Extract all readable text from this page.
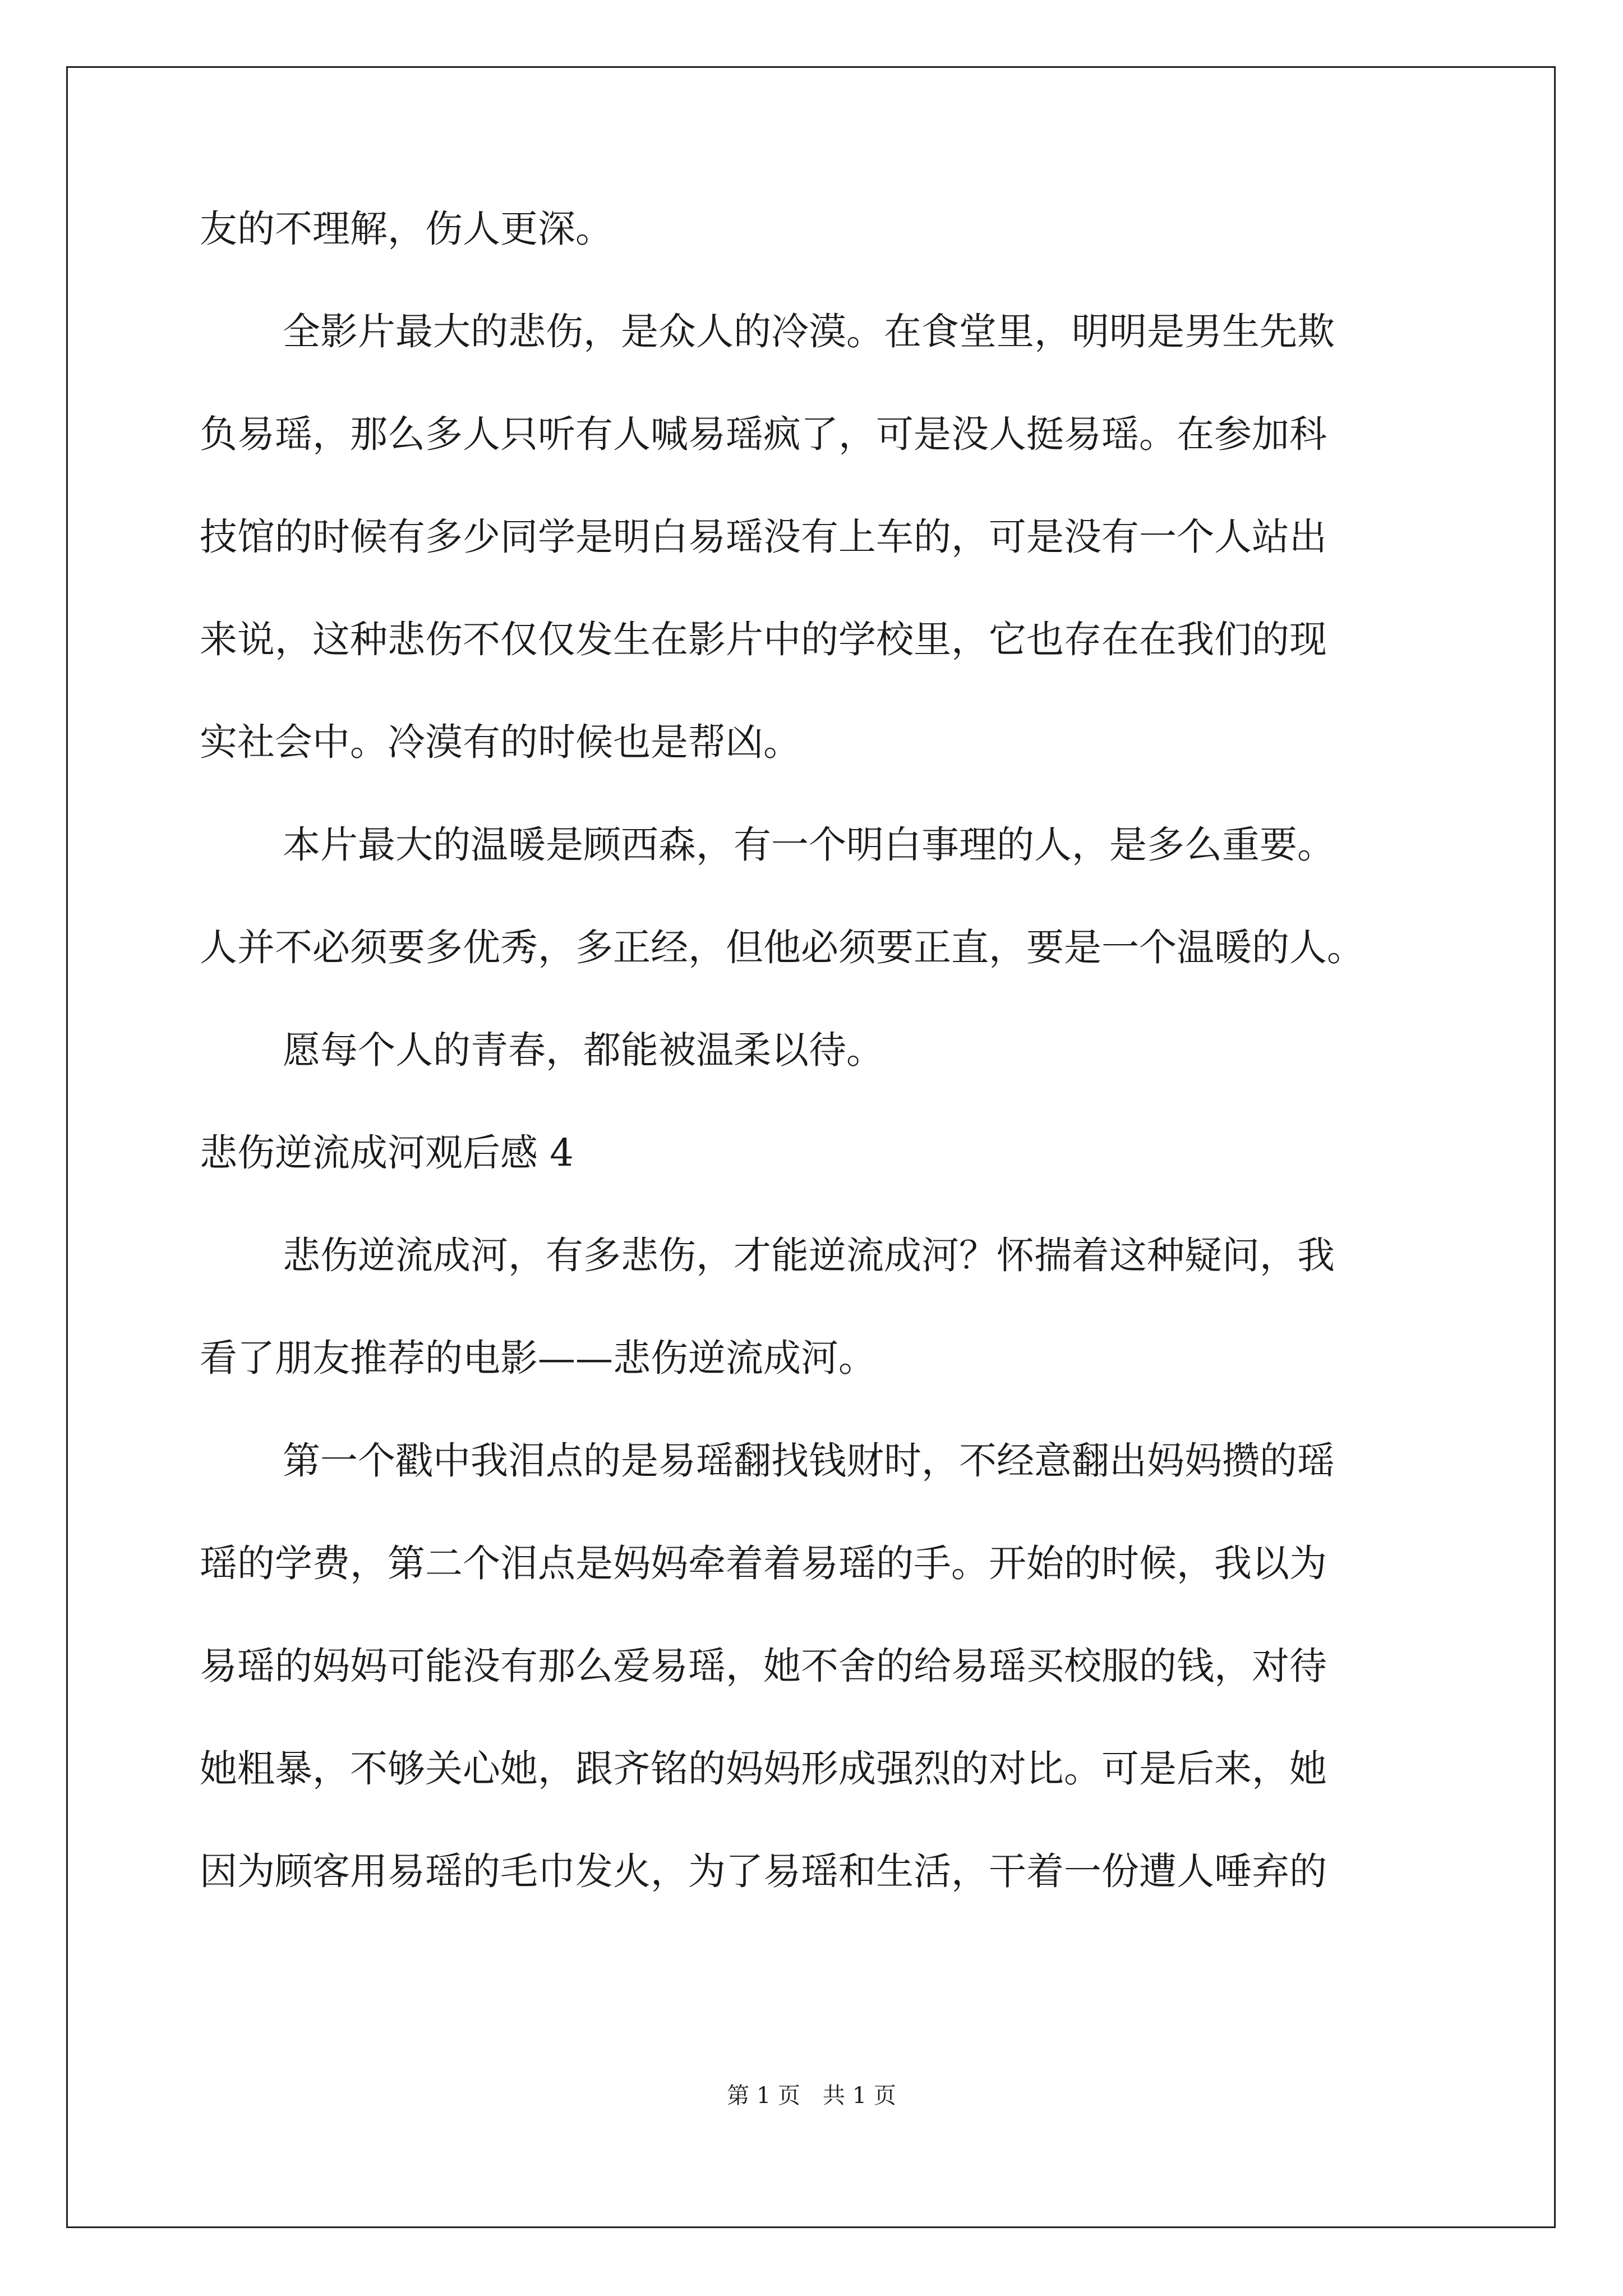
友的不理解，伤人更深。
全影片最大的悲伤，是众人的冷漠。在食堂里，明明是男生先欺
负易瑶，那么多人只听有人喊易瑶疯了，可是没人挺易瑶。在参加科
技馆的时候有多少同学是明白易瑶没有上车的，可是没有一个人站出
来说，这种悲伤不仅仅发生在影片中的学校里，它也存在在我们的现
实社会中。冷漠有的时候也是帮凶。
本片最大的温暖是顾西森，有一个明白事理的人，是多么重要。
人并不必须要多优秀，多正经，但他必须要正直，要是一个温暖的人。
愿每个人的青春，都能被温柔以待。
悲伤逆流成河观后感 4
悲伤逆流成河，有多悲伤，才能逆流成河？怀揣着这种疑问，我
看了朋友推荐的电影——悲伤逆流成河。
第一个戳中我泪点的是易瑶翻找钱财时，不经意翻出妈妈攒的瑶
瑶的学费，第二个泪点是妈妈牵着着易瑶的手。开始的时候，我以为
易瑶的妈妈可能没有那么爱易瑶，她不舍的给易瑶买校服的钱，对待
她粗暴，不够关心她，跟齐铭的妈妈形成强烈的对比。可是后来，她
因为顾客用易瑶的毛巾发火，为了易瑶和生活，干着一份遭人唾弃的
第 1 页　共 1 页
